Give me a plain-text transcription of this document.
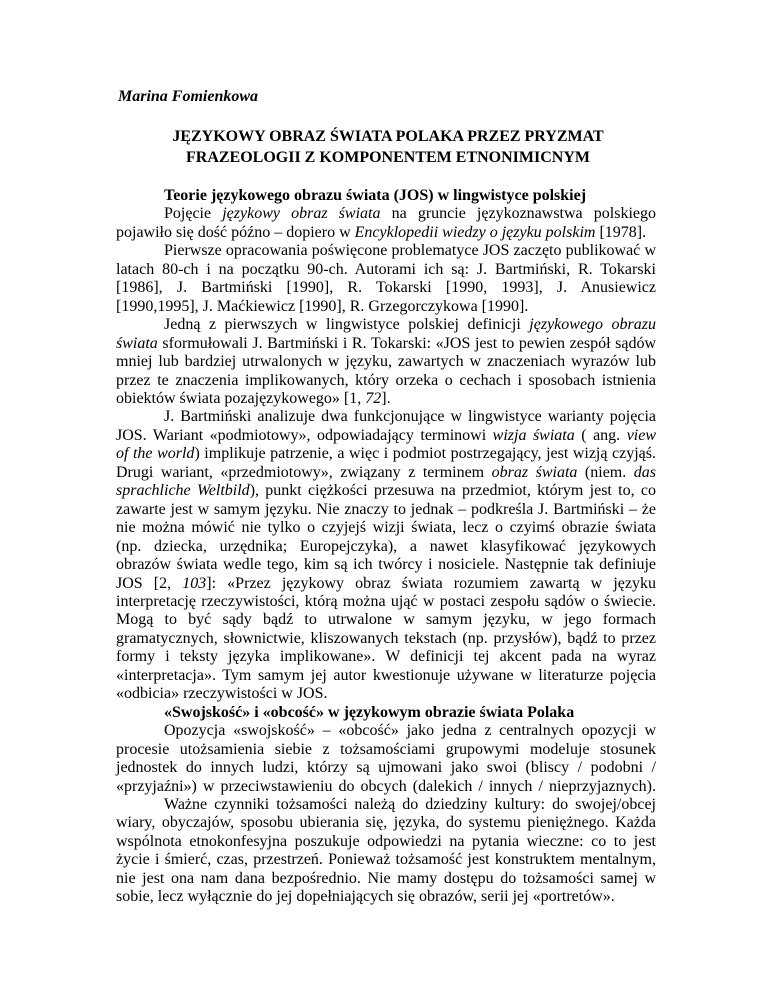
Marina Fomienkowa
JĘZYKOWY OBRAZ ŚWIATA POLAKA PRZEZ PRYZMAT
FRAZEOLOGII Z KOMPONENTEM ETNONIMICNYM
Teorie językowego obrazu świata (JOS) w lingwistyce polskiej
Pojęcie językowy obraz świata na gruncie językoznawstwa polskiego
pojawiło się dość późno – dopiero w Encyklopedii wiedzy o języku polskim [1978].
Pierwsze opracowania poświęcone problematyce JOS zaczęto publikować w
latach 80-ch i na początku 90-ch. Autorami ich są: J. Bartmiński, R. Tokarski
[1986], J. Bartmiński [1990], R. Tokarski [1990, 1993], J. Anusiewicz
[1990,1995], J. Maćkiewicz [1990], R. Grzegorczykowa [1990].
Jedną z pierwszych w lingwistyce polskiej definicji językowego obrazu
świata sformułowali J. Bartmiński i R. Tokarski: «JOS jest to pewien zespół sądów
mniej lub bardziej utrwalonych w języku, zawartych w znaczeniach wyrazów lub
przez te znaczenia implikowanych, który orzeka o cechach i sposobach istnienia
obiektów świata pozajęzykowego» [1, 72].
J. Bartmiński analizuje dwa funkcjonujące w lingwistyce warianty pojęcia
JOS. Wariant «podmiotowy», odpowiadający terminowi wizja świata ( ang. view
of the world) implikuje patrzenie, a więc i podmiot postrzegający, jest wizją czyjąś.
Drugi wariant, «przedmiotowy», związany z terminem obraz świata (niem. das
sprachliche Weltbild), punkt ciężkości przesuwa na przedmiot, którym jest to, co
zawarte jest w samym języku. Nie znaczy to jednak – podkreśla J. Bartmiński – że
nie można mówić nie tylko o czyjejś wizji świata, lecz o czyimś obrazie świata
(np. dziecka, urzędnika; Europejczyka), a nawet klasyfikować językowych
obrazów świata wedle tego, kim są ich twórcy i nosiciele. Następnie tak definiuje
JOS [2, 103]: «Przez językowy obraz świata rozumiem zawartą w języku
interpretację rzeczywistości, którą można ująć w postaci zespołu sądów o świecie.
Mogą to być sądy bądź to utrwalone w samym języku, w jego formach
gramatycznych, słownictwie, kliszowanych tekstach (np. przysłów), bądź to przez
formy i teksty języka implikowane». W definicji tej akcent pada na wyraz
«interpretacja». Tym samym jej autor kwestionuje używane w literaturze pojęcia
«odbicia» rzeczywistości w JOS.
«Swojskość» i «obcość» w językowym obrazie świata Polaka
Opozycja «swojskość» – «obcość» jako jedna z centralnych opozycji w
procesie utożsamienia siebie z tożsamościami grupowymi modeluje stosunek
jednostek do innych ludzi, którzy są ujmowani jako swoi (bliscy / podobni /
«przyjaźni») w przeciwstawieniu do obcych (dalekich / innych / nieprzyjaznych).
Ważne czynniki tożsamości należą do dziedziny kultury: do swojej/obcej
wiary, obyczajów, sposobu ubierania się, języka, do systemu pieniężnego. Każda
wspólnota etnokonfesyjna poszukuje odpowiedzi na pytania wieczne: co to jest
życie i śmierć, czas, przestrzeń. Ponieważ tożsamość jest konstruktem mentalnym,
nie jest ona nam dana bezpośrednio. Nie mamy dostępu do tożsamości samej w
sobie, lecz wyłącznie do jej dopełniających się obrazów, serii jej «portretów».
